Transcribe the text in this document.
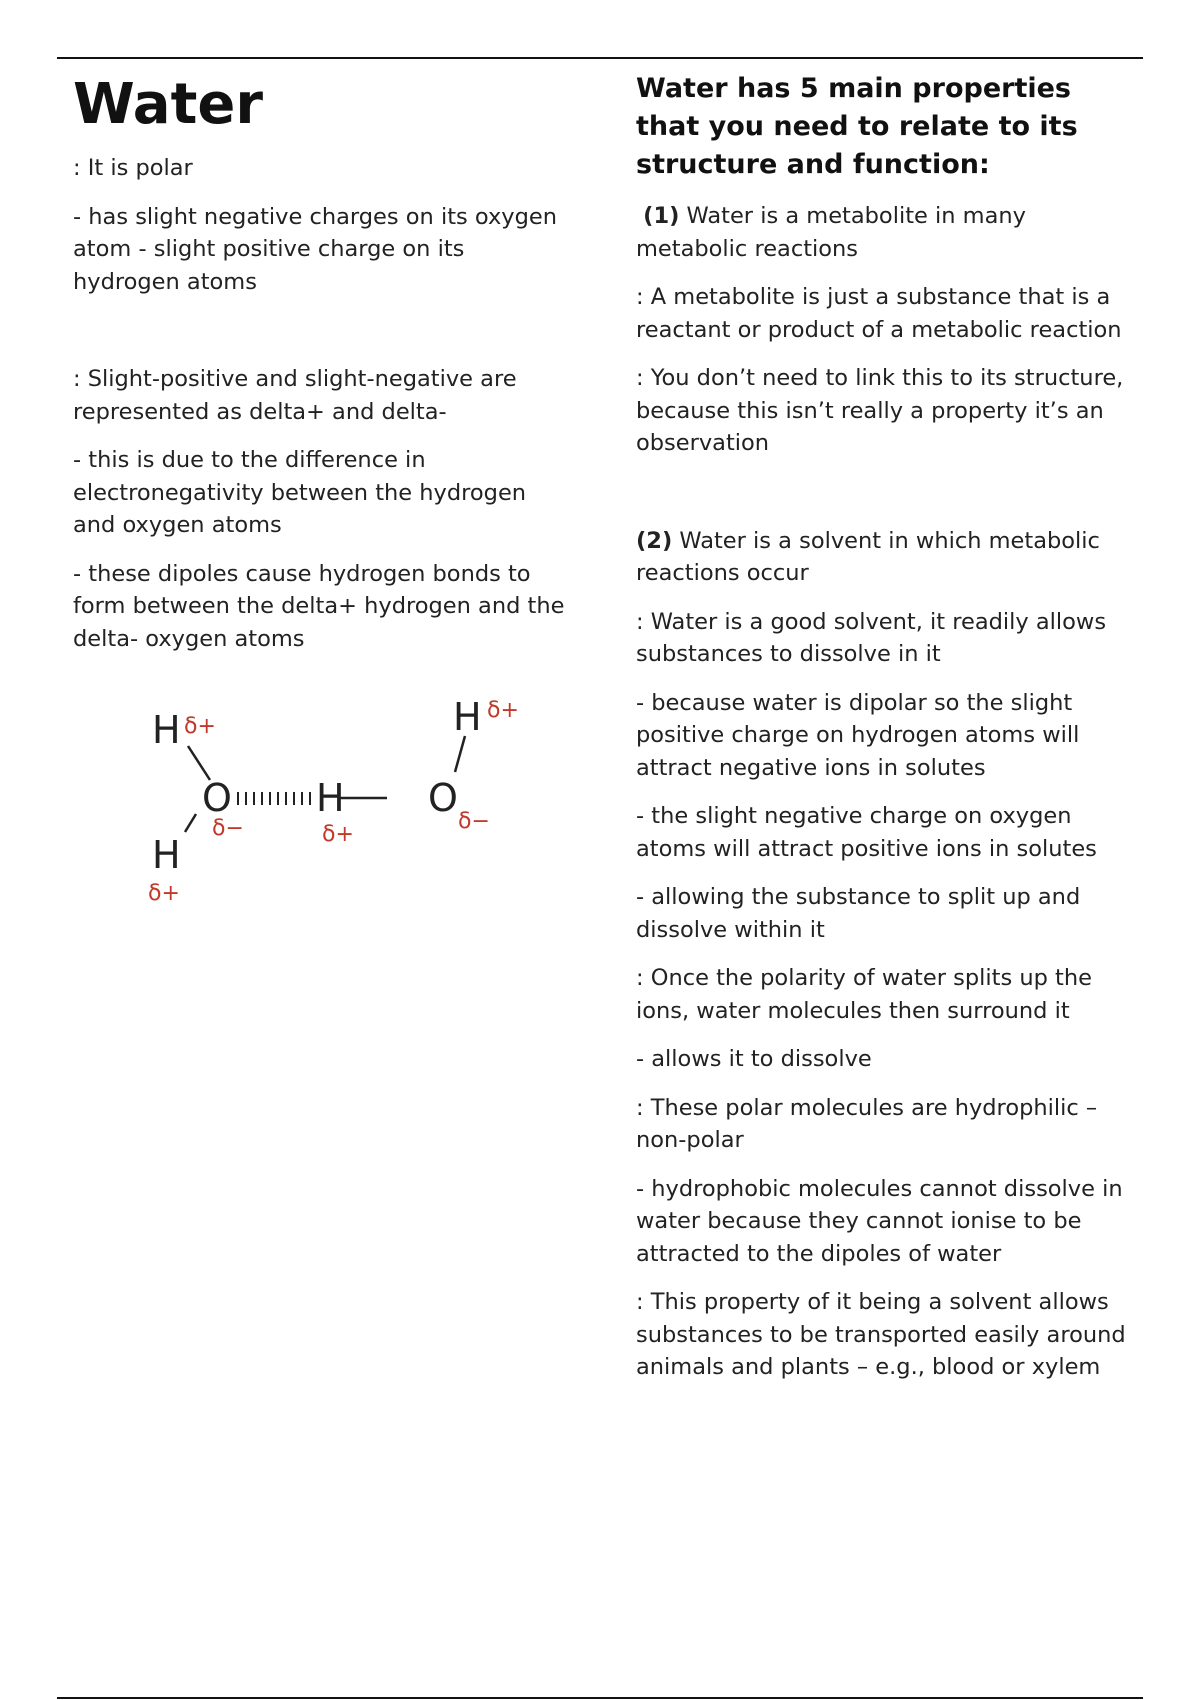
Water

: It is polar

- has slight negative charges on its oxygen atom - slight positive charge on its hydrogen atoms

: Slight-positive and slight-negative are represented as delta+ and delta-

- this is due to the difference in electronegativity between the hydrogen and oxygen atoms

- these dipoles cause hydrogen bonds to form between the delta+ hydrogen and the delta- oxygen atoms

H
O
H
H O
H
δ+
δ−
δ+
δ+
δ−
δ+
Water has 5 main properties that you need to relate to its structure and function:

(1) Water is a metabolite in many metabolic reactions

: A metabolite is just a substance that is a reactant or product of a metabolic reaction

: You don’t need to link this to its structure, because this isn’t really a property it’s an observation

(2) Water is a solvent in which metabolic reactions occur

: Water is a good solvent, it readily allows substances to dissolve in it

- because water is dipolar so the slight positive charge on hydrogen atoms will attract negative ions in solutes

- the slight negative charge on oxygen atoms will attract positive ions in solutes

- allowing the substance to split up and dissolve within it

: Once the polarity of water splits up the ions, water molecules then surround it

- allows it to dissolve

: These polar molecules are hydrophilic – non-polar

- hydrophobic molecules cannot dissolve in water because they cannot ionise to be attracted to the dipoles of water

: This property of it being a solvent allows substances to be transported easily around animals and plants – e.g., blood or xylem
